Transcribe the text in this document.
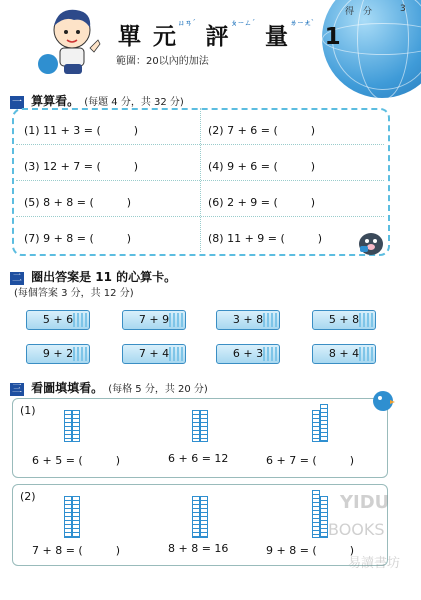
得　分	3
單 元$^{ㄩㄢˊ}$ 評$^{ㄆㄧㄥˊ}$ 量$^{ㄌㄧㄤˋ}$ 1
範圍：20以內的加法
一 算算看。 (每題 4 分，共 32 分)
(1) 11 + 3 = (　　　)	(2) 7 + 6 = (　　　)
(3) 12 + 7 = (　　　)	(4) 9 + 6 = (　　　)
(5) 8 + 8 = (　　　)	(6) 2 + 9 = (　　　)
(7) 9 + 8 = (　　　)	(8) 11 + 9 = (　　　)
二 圈出答案是 11 的心算卡。
(每個答案 3 分，共 12 分)
5 + 6	7 + 9	3 + 8	5 + 8
9 + 2	7 + 4	6 + 3	8 + 4
三 看圖填填看。 (每格 5 分，共 20 分)
(1)
6 + 5 = (　　　)	6 + 6 = 12	6 + 7 = (　　　)
(2)
7 + 8 = (　　　)	8 + 8 = 16	9 + 8 = (　　　)
YIDU
BOOKS
易讀書坊
